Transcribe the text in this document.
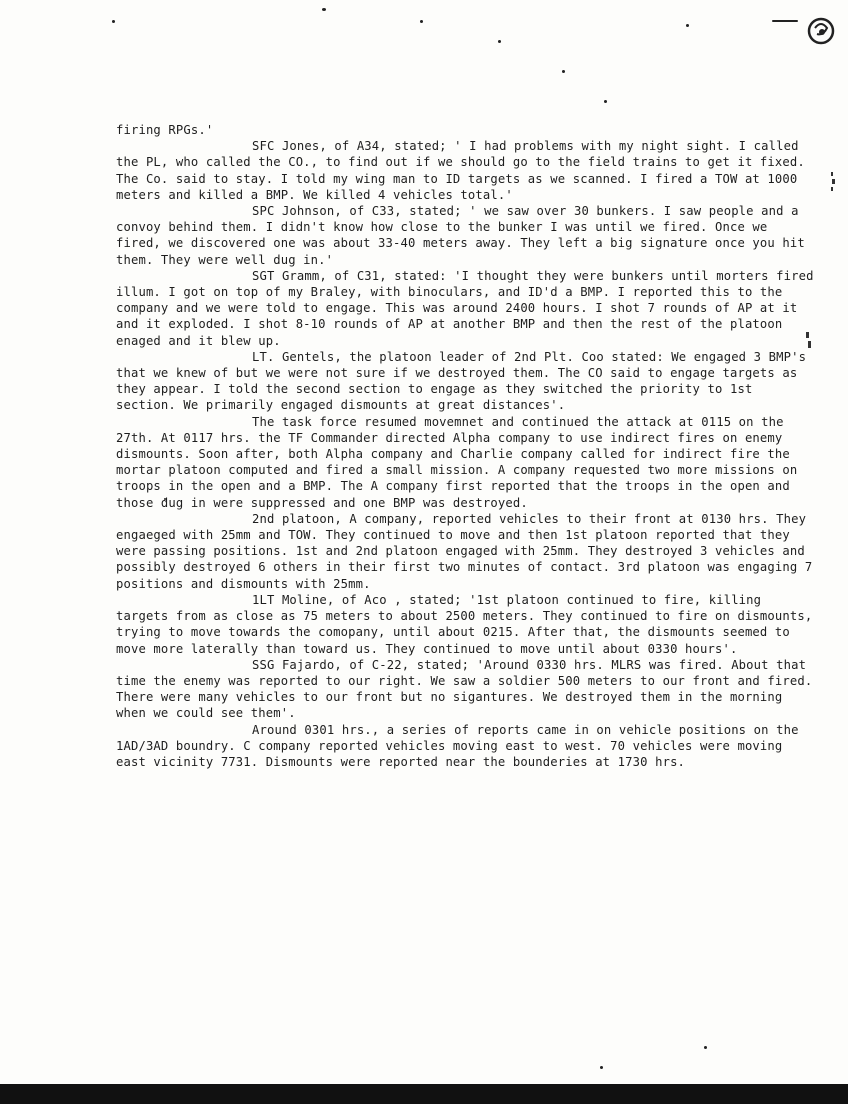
firing RPGs.'

SFC Jones, of A34, stated; ' I had problems with my night sight. I called the PL, who called the CO., to find out if we should go to the field trains to get it fixed. The Co. said to stay. I told my wing man to ID targets as we scanned. I fired a TOW at 1000 meters and killed a BMP. We killed 4 vehicles total.'

SPC Johnson, of C33, stated; ' we saw over 30 bunkers. I saw people and a convoy behind them. I didn't know how close to the bunker I was until we fired. Once we fired, we discovered one was about 33-40 meters away. They left a big signature once you hit them. They were well dug in.'

SGT Gramm, of C31, stated: 'I thought they were bunkers until morters fired illum. I got on top of my Braley, with binoculars, and ID'd a BMP. I reported this to the company and we were told to engage. This was around 2400 hours. I shot 7 rounds of AP at it and it exploded. I shot 8-10 rounds of AP at another BMP and then the rest of the platoon enaged and it blew up.

LT. Gentels, the platoon leader of 2nd Plt. Coo stated: We engaged 3 BMP's that we knew of but we were not sure if we destroyed them. The CO said to engage targets as they appear. I told the second section to engage as they switched the priority to 1st section. We primarily engaged dismounts at great distances'.

The task force resumed movemnet and continued the attack at 0115 on the 27th. At 0117 hrs. the TF Commander directed Alpha company to use indirect fires on enemy dismounts. Soon after, both Alpha company and Charlie company called for indirect fire the mortar platoon computed and fired a small mission. A company requested two more missions on troops in the open and a BMP. The A company first reported that the troops in the open and those dug in were suppressed and one BMP was destroyed.

2nd platoon, A company, reported vehicles to their front at 0130 hrs. They engaeged with 25mm and TOW. They continued to move and then 1st platoon reported that they were passing positions. 1st and 2nd platoon engaged with 25mm. They destroyed 3 vehicles and possibly destroyed 6 others in their first two minutes of contact. 3rd platoon was engaging 7 positions and dismounts with 25mm.

1LT Moline, of Aco , stated; '1st platoon continued to fire, killing targets from as close as 75 meters to about 2500 meters. They continued to fire on dismounts, trying to move towards the comopany, until about 0215. After that, the dismounts seemed to move more laterally than toward us. They continued to move until about 0330 hours'.

SSG Fajardo, of C-22, stated; 'Around 0330 hrs. MLRS was fired. About that time the enemy was reported to our right. We saw a soldier 500 meters to our front and fired. There were many vehicles to our front but no sigantures. We destroyed them in the morning when we could see them'.

Around 0301 hrs., a series of reports came in on vehicle positions on the 1AD/3AD boundry. C company reported vehicles moving east to west. 70 vehicles were moving east vicinity 7731. Dismounts were reported near the bounderies at 1730 hrs.
